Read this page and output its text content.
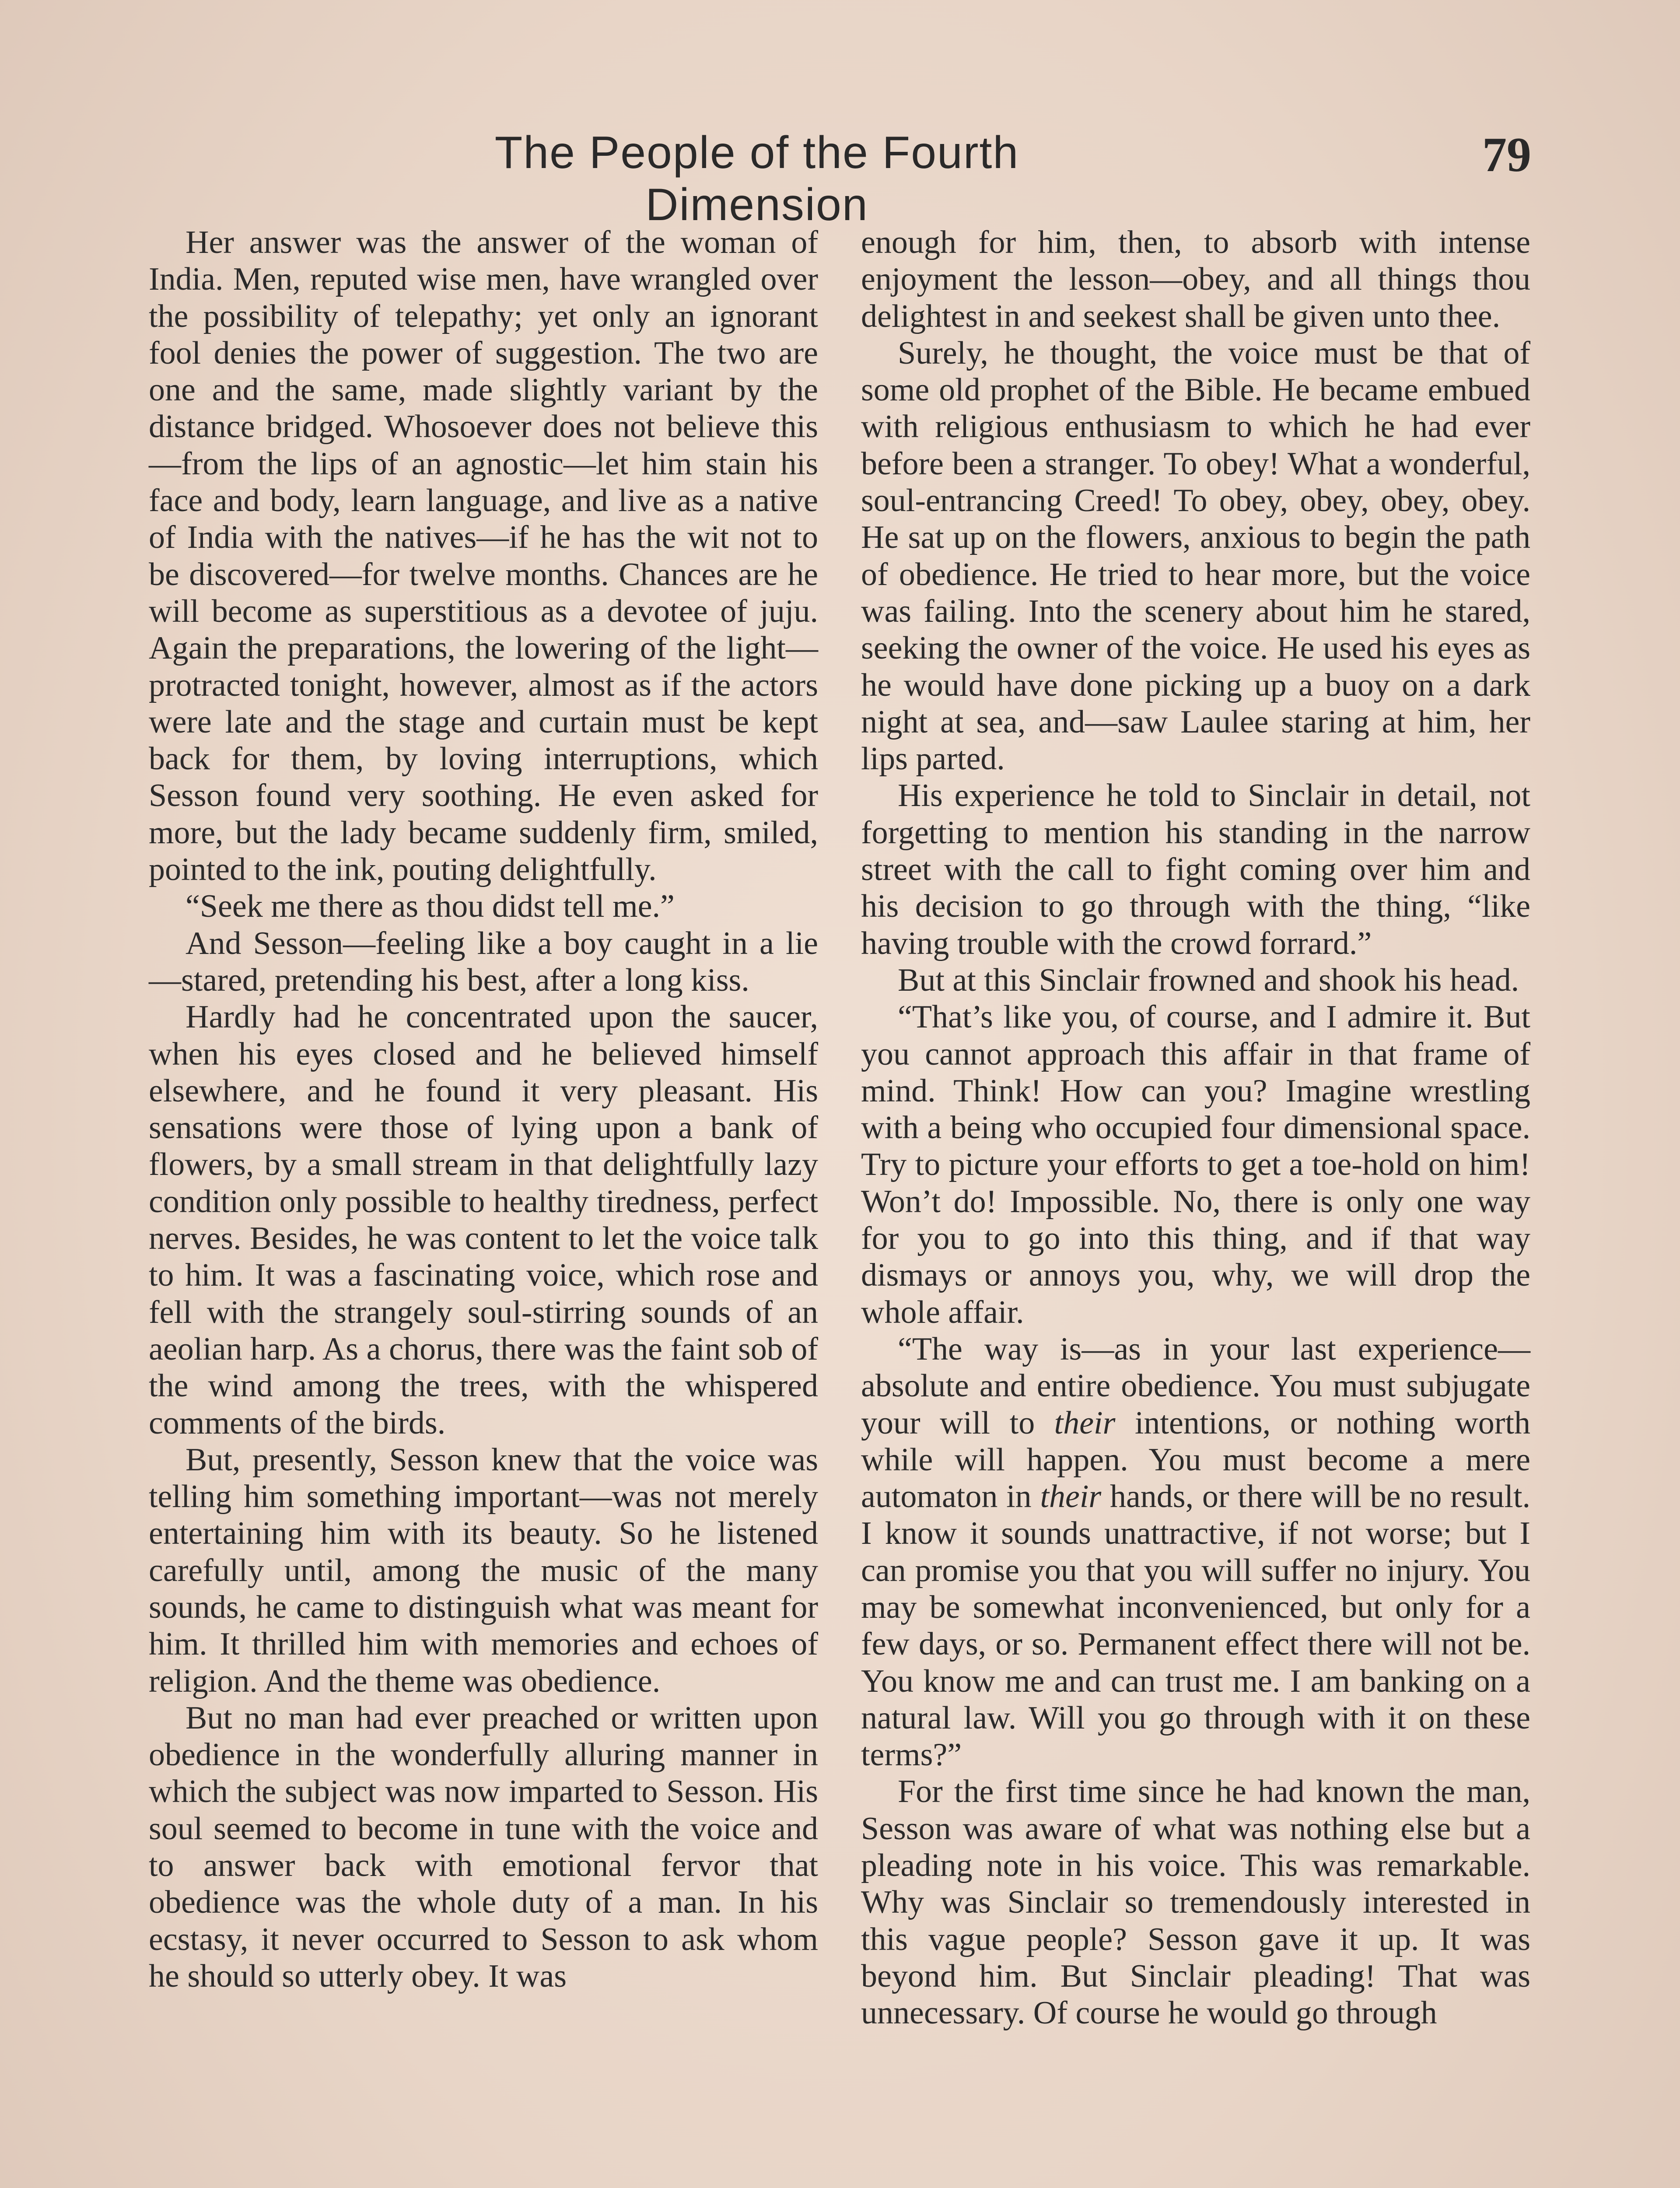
The People of the Fourth Dimension
79

Her answer was the answer of the woman of India. Men, reputed wise men, have wrangled over the possibility of telepathy; yet only an ignorant fool denies the power of suggestion. The two are one and the same, made slightly variant by the distance bridged. Whosoever does not believe this—from the lips of an agnostic—let him stain his face and body, learn language, and live as a native of India with the natives—if he has the wit not to be discovered—for twelve months. Chances are he will become as superstitious as a devotee of juju. Again the preparations, the lowering of the light—protracted tonight, however, almost as if the actors were late and the stage and curtain must be kept back for them, by loving interruptions, which Sesson found very soothing. He even asked for more, but the lady became suddenly firm, smiled, pointed to the ink, pouting delightfully.

“Seek me there as thou didst tell me.”

And Sesson—feeling like a boy caught in a lie—stared, pretending his best, after a long kiss.

Hardly had he concentrated upon the saucer, when his eyes closed and he believed himself elsewhere, and he found it very pleasant. His sensations were those of lying upon a bank of flowers, by a small stream in that delightfully lazy condition only possible to healthy tiredness, perfect nerves. Besides, he was content to let the voice talk to him. It was a fascinating voice, which rose and fell with the strangely soul-stirring sounds of an aeolian harp. As a chorus, there was the faint sob of the wind among the trees, with the whispered comments of the birds.

But, presently, Sesson knew that the voice was telling him something important—was not merely entertaining him with its beauty. So he listened carefully until, among the music of the many sounds, he came to distinguish what was meant for him. It thrilled him with memories and echoes of religion. And the theme was obedience.

But no man had ever preached or written upon obedience in the wonderfully alluring manner in which the subject was now imparted to Sesson. His soul seemed to become in tune with the voice and to answer back with emotional fervor that obedience was the whole duty of a man. In his ecstasy, it never occurred to Sesson to ask whom he should so utterly obey. It was

enough for him, then, to absorb with intense enjoyment the lesson—obey, and all things thou delightest in and seekest shall be given unto thee.

Surely, he thought, the voice must be that of some old prophet of the Bible. He became embued with religious enthusiasm to which he had ever before been a stranger. To obey! What a wonderful, soul-entrancing Creed! To obey, obey, obey, obey. He sat up on the flowers, anxious to begin the path of obedience. He tried to hear more, but the voice was failing. Into the scenery about him he stared, seeking the owner of the voice. He used his eyes as he would have done picking up a buoy on a dark night at sea, and—saw Laulee staring at him, her lips parted.

His experience he told to Sinclair in detail, not forgetting to mention his standing in the narrow street with the call to fight coming over him and his decision to go through with the thing, “like having trouble with the crowd forrard.”

But at this Sinclair frowned and shook his head.

“That’s like you, of course, and I admire it. But you cannot approach this affair in that frame of mind. Think! How can you? Imagine wrestling with a being who occupied four dimensional space. Try to picture your efforts to get a toe-hold on him! Won’t do! Impossible. No, there is only one way for you to go into this thing, and if that way dismays or annoys you, why, we will drop the whole affair.

“The way is—as in your last experience—absolute and entire obedience. You must subjugate your will to their intentions, or nothing worth while will happen. You must become a mere automaton in their hands, or there will be no result. I know it sounds unattractive, if not worse; but I can promise you that you will suffer no injury. You may be somewhat inconvenienced, but only for a few days, or so. Permanent effect there will not be. You know me and can trust me. I am banking on a natural law. Will you go through with it on these terms?”

For the first time since he had known the man, Sesson was aware of what was nothing else but a pleading note in his voice. This was remarkable. Why was Sinclair so tremendously interested in this vague people? Sesson gave it up. It was beyond him. But Sinclair pleading! That was unnecessary. Of course he would go through
